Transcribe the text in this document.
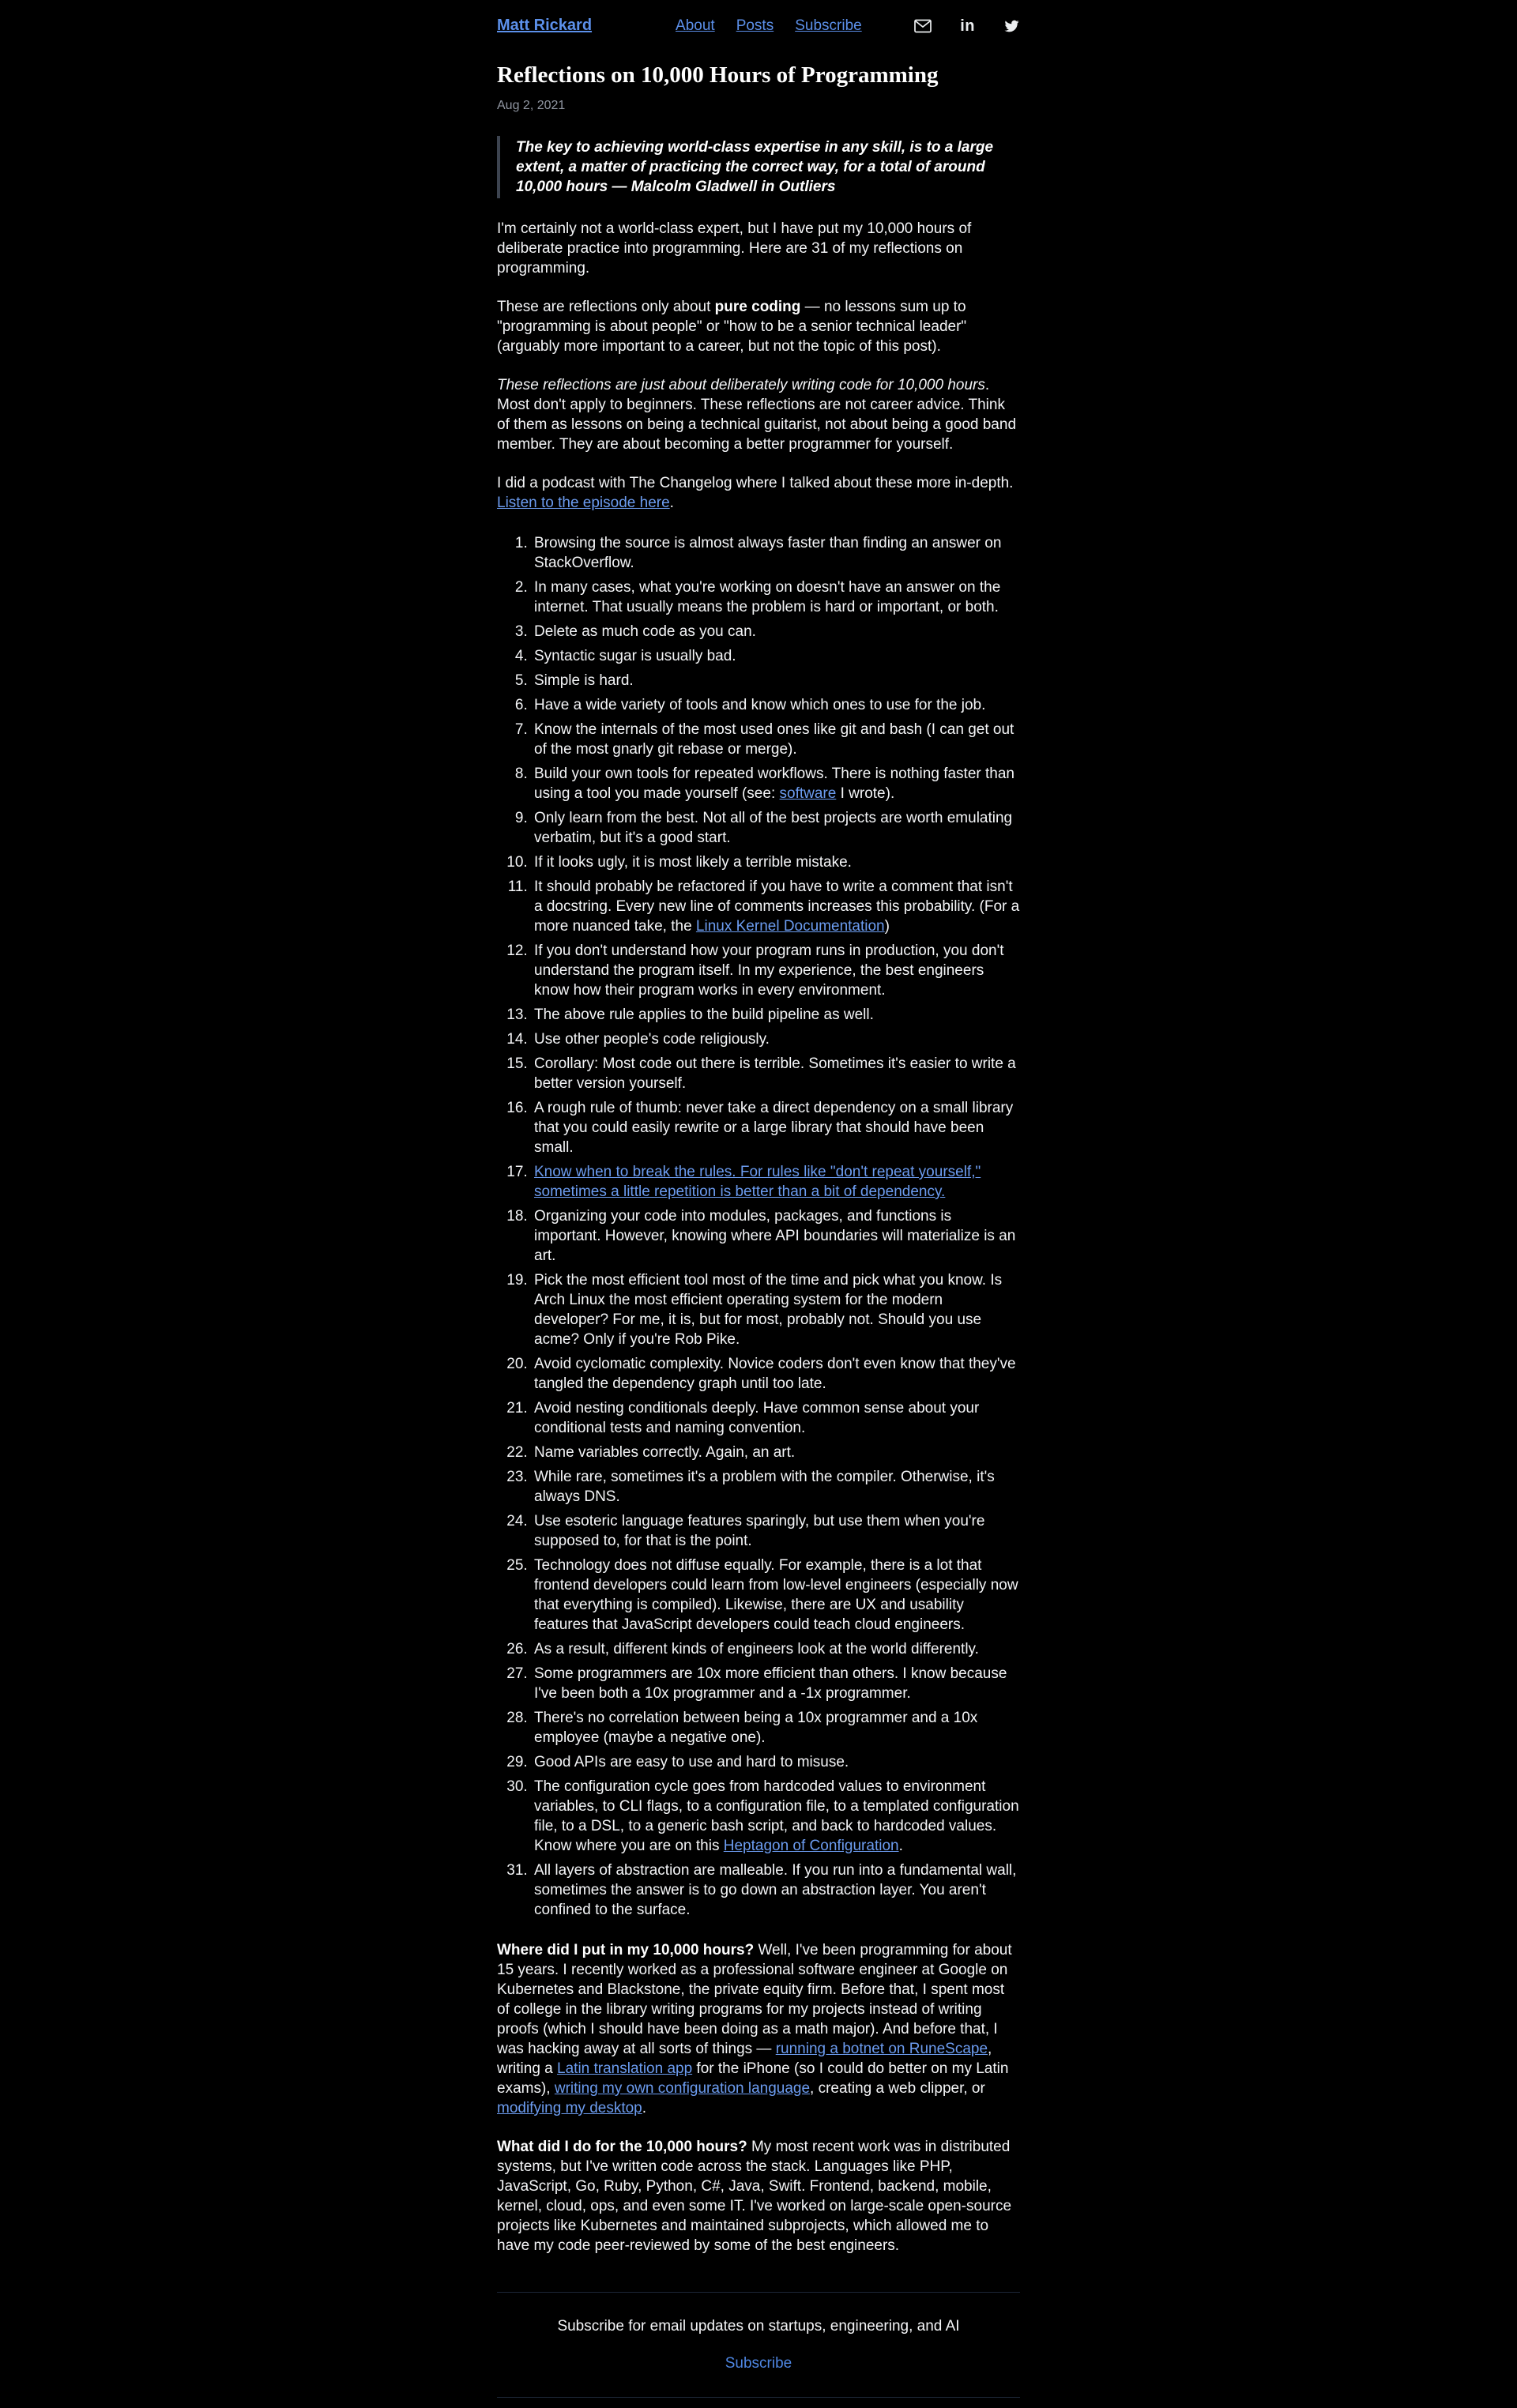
Matt Rickard	About Posts Subscribe	in
Reflections on 10,000 Hours of Programming
Aug 2, 2021
The key to achieving world-class expertise in any skill, is to a large extent, a matter of practicing the correct way, for a total of around 10,000 hours — Malcolm Gladwell in Outliers

I'm certainly not a world-class expert, but I have put my 10,000 hours of deliberate practice into programming. Here are 31 of my reflections on programming.

These are reflections only about pure coding — no lessons sum up to "programming is about people" or "how to be a senior technical leader" (arguably more important to a career, but not the topic of this post).

These reflections are just about deliberately writing code for 10,000 hours. Most don't apply to beginners. These reflections are not career advice. Think of them as lessons on being a technical guitarist, not about being a good band member. They are about becoming a better programmer for yourself.

I did a podcast with The Changelog where I talked about these more in-depth. Listen to the episode here.

1. Browsing the source is almost always faster than finding an answer on StackOverflow.
2. In many cases, what you're working on doesn't have an answer on the internet. That usually means the problem is hard or important, or both.
3. Delete as much code as you can.
4. Syntactic sugar is usually bad.
5. Simple is hard.
6. Have a wide variety of tools and know which ones to use for the job.
7. Know the internals of the most used ones like git and bash (I can get out of the most gnarly git rebase or merge).
8. Build your own tools for repeated workflows. There is nothing faster than using a tool you made yourself (see: software I wrote).
9. Only learn from the best. Not all of the best projects are worth emulating verbatim, but it's a good start.
10. If it looks ugly, it is most likely a terrible mistake.
11. It should probably be refactored if you have to write a comment that isn't a docstring. Every new line of comments increases this probability. (For a more nuanced take, the Linux Kernel Documentation)
12. If you don't understand how your program runs in production, you don't understand the program itself. In my experience, the best engineers know how their program works in every environment.
13. The above rule applies to the build pipeline as well.
14. Use other people's code religiously.
15. Corollary: Most code out there is terrible. Sometimes it's easier to write a better version yourself.
16. A rough rule of thumb: never take a direct dependency on a small library that you could easily rewrite or a large library that should have been small.
17. Know when to break the rules. For rules like "don't repeat yourself," sometimes a little repetition is better than a bit of dependency.
18. Organizing your code into modules, packages, and functions is important. However, knowing where API boundaries will materialize is an art.
19. Pick the most efficient tool most of the time and pick what you know. Is Arch Linux the most efficient operating system for the modern developer? For me, it is, but for most, probably not. Should you use acme? Only if you're Rob Pike.
20. Avoid cyclomatic complexity. Novice coders don't even know that they've tangled the dependency graph until too late.
21. Avoid nesting conditionals deeply. Have common sense about your conditional tests and naming convention.
22. Name variables correctly. Again, an art.
23. While rare, sometimes it's a problem with the compiler. Otherwise, it's always DNS.
24. Use esoteric language features sparingly, but use them when you're supposed to, for that is the point.
25. Technology does not diffuse equally. For example, there is a lot that frontend developers could learn from low-level engineers (especially now that everything is compiled). Likewise, there are UX and usability features that JavaScript developers could teach cloud engineers.
26. As a result, different kinds of engineers look at the world differently.
27. Some programmers are 10x more efficient than others. I know because I've been both a 10x programmer and a -1x programmer.
28. There's no correlation between being a 10x programmer and a 10x employee (maybe a negative one).
29. Good APIs are easy to use and hard to misuse.
30. The configuration cycle goes from hardcoded values to environment variables, to CLI flags, to a configuration file, to a templated configuration file, to a DSL, to a generic bash script, and back to hardcoded values. Know where you are on this Heptagon of Configuration.
31. All layers of abstraction are malleable. If you run into a fundamental wall, sometimes the answer is to go down an abstraction layer. You aren't confined to the surface.

Where did I put in my 10,000 hours? Well, I've been programming for about 15 years. I recently worked as a professional software engineer at Google on Kubernetes and Blackstone, the private equity firm. Before that, I spent most of college in the library writing programs for my projects instead of writing proofs (which I should have been doing as a math major). And before that, I was hacking away at all sorts of things — running a botnet on RuneScape, writing a Latin translation app for the iPhone (so I could do better on my Latin exams), writing my own configuration language, creating a web clipper, or modifying my desktop.

What did I do for the 10,000 hours? My most recent work was in distributed systems, but I've written code across the stack. Languages like PHP, JavaScript, Go, Ruby, Python, C#, Java, Swift. Frontend, backend, mobile, kernel, cloud, ops, and even some IT. I've worked on large-scale open-source projects like Kubernetes and maintained subprojects, which allowed me to have my code peer-reviewed by some of the best engineers.

Subscribe for email updates on startups, engineering, and AI

Subscribe
